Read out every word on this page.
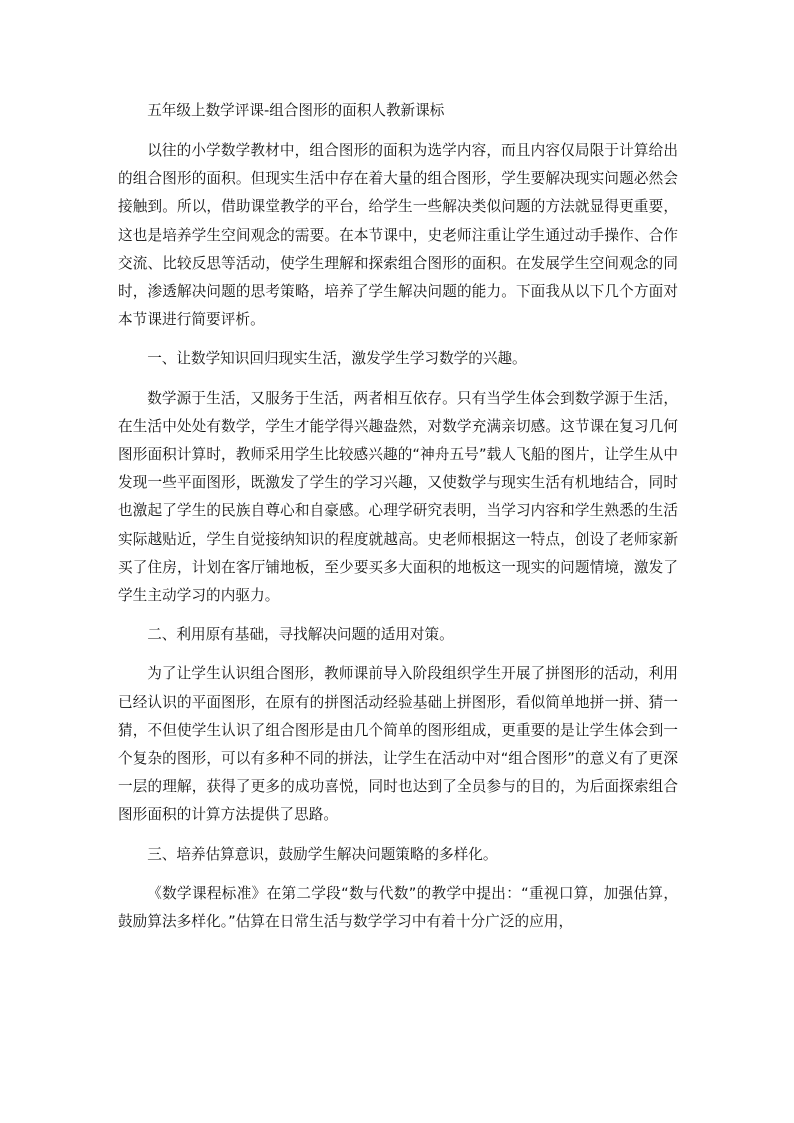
五年级上数学评课-组合图形的面积人教新课标

以往的小学数学教材中，组合图形的面积为选学内容，而且内容仅局限于计算给出的组合图形的面积。但现实生活中存在着大量的组合图形，学生要解决现实问题必然会接触到。所以，借助课堂教学的平台，给学生一些解决类似问题的方法就显得更重要，这也是培养学生空间观念的需要。在本节课中，史老师注重让学生通过动手操作、合作交流、比较反思等活动，使学生理解和探索组合图形的面积。在发展学生空间观念的同时，渗透解决问题的思考策略，培养了学生解决问题的能力。下面我从以下几个方面对本节课进行简要评析。

一、让数学知识回归现实生活，激发学生学习数学的兴趣。

数学源于生活，又服务于生活，两者相互依存。只有当学生体会到数学源于生活，在生活中处处有数学，学生才能学得兴趣盎然，对数学充满亲切感。这节课在复习几何图形面积计算时，教师采用学生比较感兴趣的“神舟五号”载人飞船的图片，让学生从中发现一些平面图形，既激发了学生的学习兴趣，又使数学与现实生活有机地结合，同时也激起了学生的民族自尊心和自豪感。心理学研究表明，当学习内容和学生熟悉的生活实际越贴近，学生自觉接纳知识的程度就越高。史老师根据这一特点，创设了老师家新买了住房，计划在客厅铺地板，至少要买多大面积的地板这一现实的问题情境，激发了学生主动学习的内驱力。

二、利用原有基础，寻找解决问题的适用对策。

为了让学生认识组合图形，教师课前导入阶段组织学生开展了拼图形的活动，利用已经认识的平面图形，在原有的拼图活动经验基础上拼图形，看似简单地拼一拼、猜一猜，不但使学生认识了组合图形是由几个简单的图形组成，更重要的是让学生体会到一个复杂的图形，可以有多种不同的拼法，让学生在活动中对“组合图形”的意义有了更深一层的理解，获得了更多的成功喜悦，同时也达到了全员参与的目的，为后面探索组合图形面积的计算方法提供了思路。

三、培养估算意识，鼓励学生解决问题策略的多样化。

《数学课程标准》在第二学段“数与代数”的教学中提出：“重视口算，加强估算，鼓励算法多样化。”估算在日常生活与数学学习中有着十分广泛的应用，
